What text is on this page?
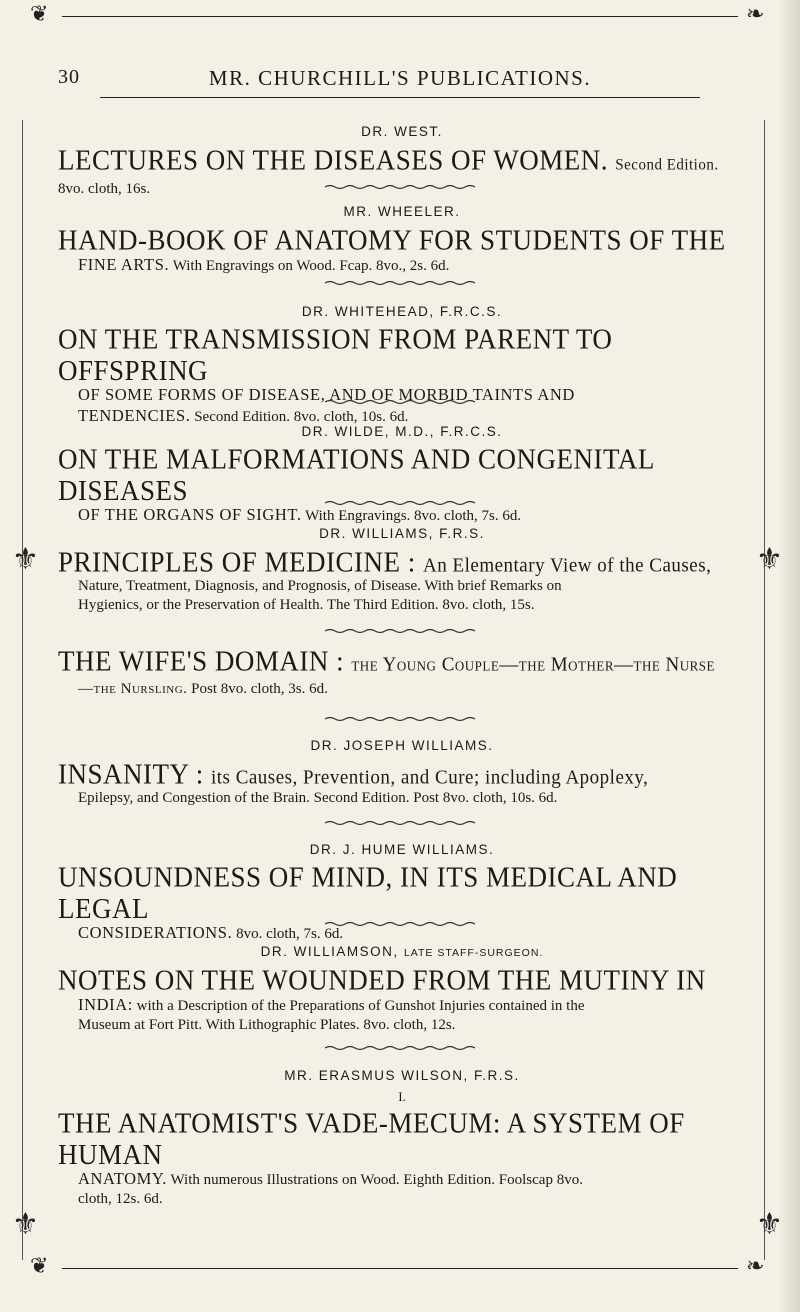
❦	❧
30	MR. CHURCHILL'S PUBLICATIONS.
⚜	⚜
⚜	⚜
DR. WEST.

LECTURES ON THE DISEASES OF WOMEN. Second Edition.

8vo. cloth, 16s.

MR. WHEELER.

HAND-BOOK OF ANATOMY FOR STUDENTS OF THE

FINE ARTS. With Engravings on Wood. Fcap. 8vo., 2s. 6d.

DR. WHITEHEAD, F.R.C.S.

ON THE TRANSMISSION FROM PARENT TO OFFSPRING

OF SOME FORMS OF DISEASE, AND OF MORBID TAINTS AND
TENDENCIES. Second Edition. 8vo. cloth, 10s. 6d.

DR. WILDE, M.D., F.R.C.S.

ON THE MALFORMATIONS AND CONGENITAL DISEASES

OF THE ORGANS OF SIGHT. With Engravings. 8vo. cloth, 7s. 6d.

DR. WILLIAMS, F.R.S.

PRINCIPLES OF MEDICINE : An Elementary View of the Causes,

Nature, Treatment, Diagnosis, and Prognosis, of Disease. With brief Remarks on
Hygienics, or the Preservation of Health. The Third Edition. 8vo. cloth, 15s.

THE WIFE'S DOMAIN : the Young Couple—the Mother—the Nurse

—the Nursling. Post 8vo. cloth, 3s. 6d.

DR. JOSEPH WILLIAMS.

INSANITY : its Causes, Prevention, and Cure; including Apoplexy,

Epilepsy, and Congestion of the Brain. Second Edition. Post 8vo. cloth, 10s. 6d.

DR. J. HUME WILLIAMS.

UNSOUNDNESS OF MIND, IN ITS MEDICAL AND LEGAL

CONSIDERATIONS. 8vo. cloth, 7s. 6d.

DR. WILLIAMSON, LATE STAFF-SURGEON.

NOTES ON THE WOUNDED FROM THE MUTINY IN

INDIA: with a Description of the Preparations of Gunshot Injuries contained in the
Museum at Fort Pitt. With Lithographic Plates. 8vo. cloth, 12s.

MR. ERASMUS WILSON, F.R.S.
I.

THE ANATOMIST'S VADE-MECUM: A SYSTEM OF HUMAN

ANATOMY. With numerous Illustrations on Wood. Eighth Edition. Foolscap 8vo.
cloth, 12s. 6d.

❦	❧
